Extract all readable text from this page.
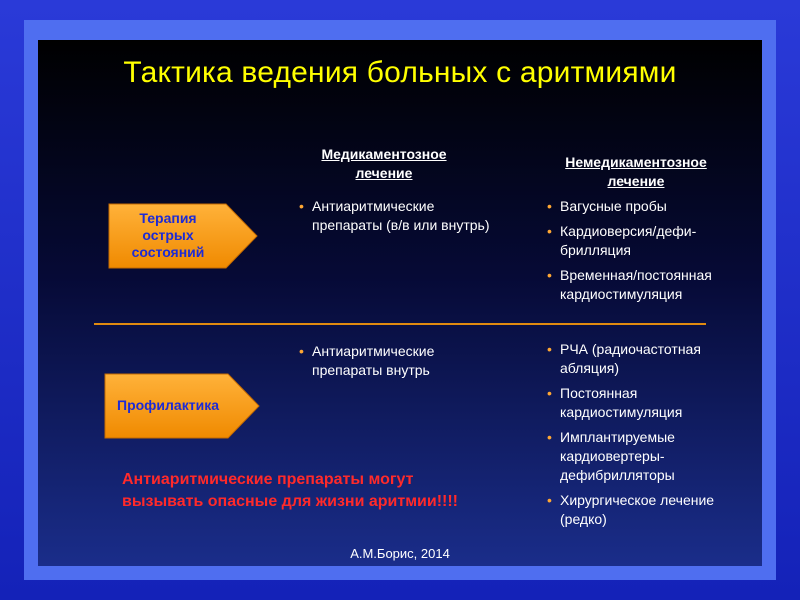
Тактика ведения больных с аритмиями
Медикаментозное
лечение
Немедикаментозное
лечение
Терапия
острых
состояний
Профилактика
• Антиаритмические препараты (в/в или внутрь)
• Вагусные пробы
• Кардиоверсия/дефи-брилляция
• Временная/постоянная кардиостимуляция
• Антиаритмические препараты внутрь
• РЧА (радиочастотная абляция)
• Постоянная кардиостимуляция
• Имплантируемые кардиовертеры-дефибрилляторы
• Хирургическое лечение (редко)
Антиаритмические препараты могут
вызывать опасные для жизни аритмии!!!!
А.М.Борис, 2014
